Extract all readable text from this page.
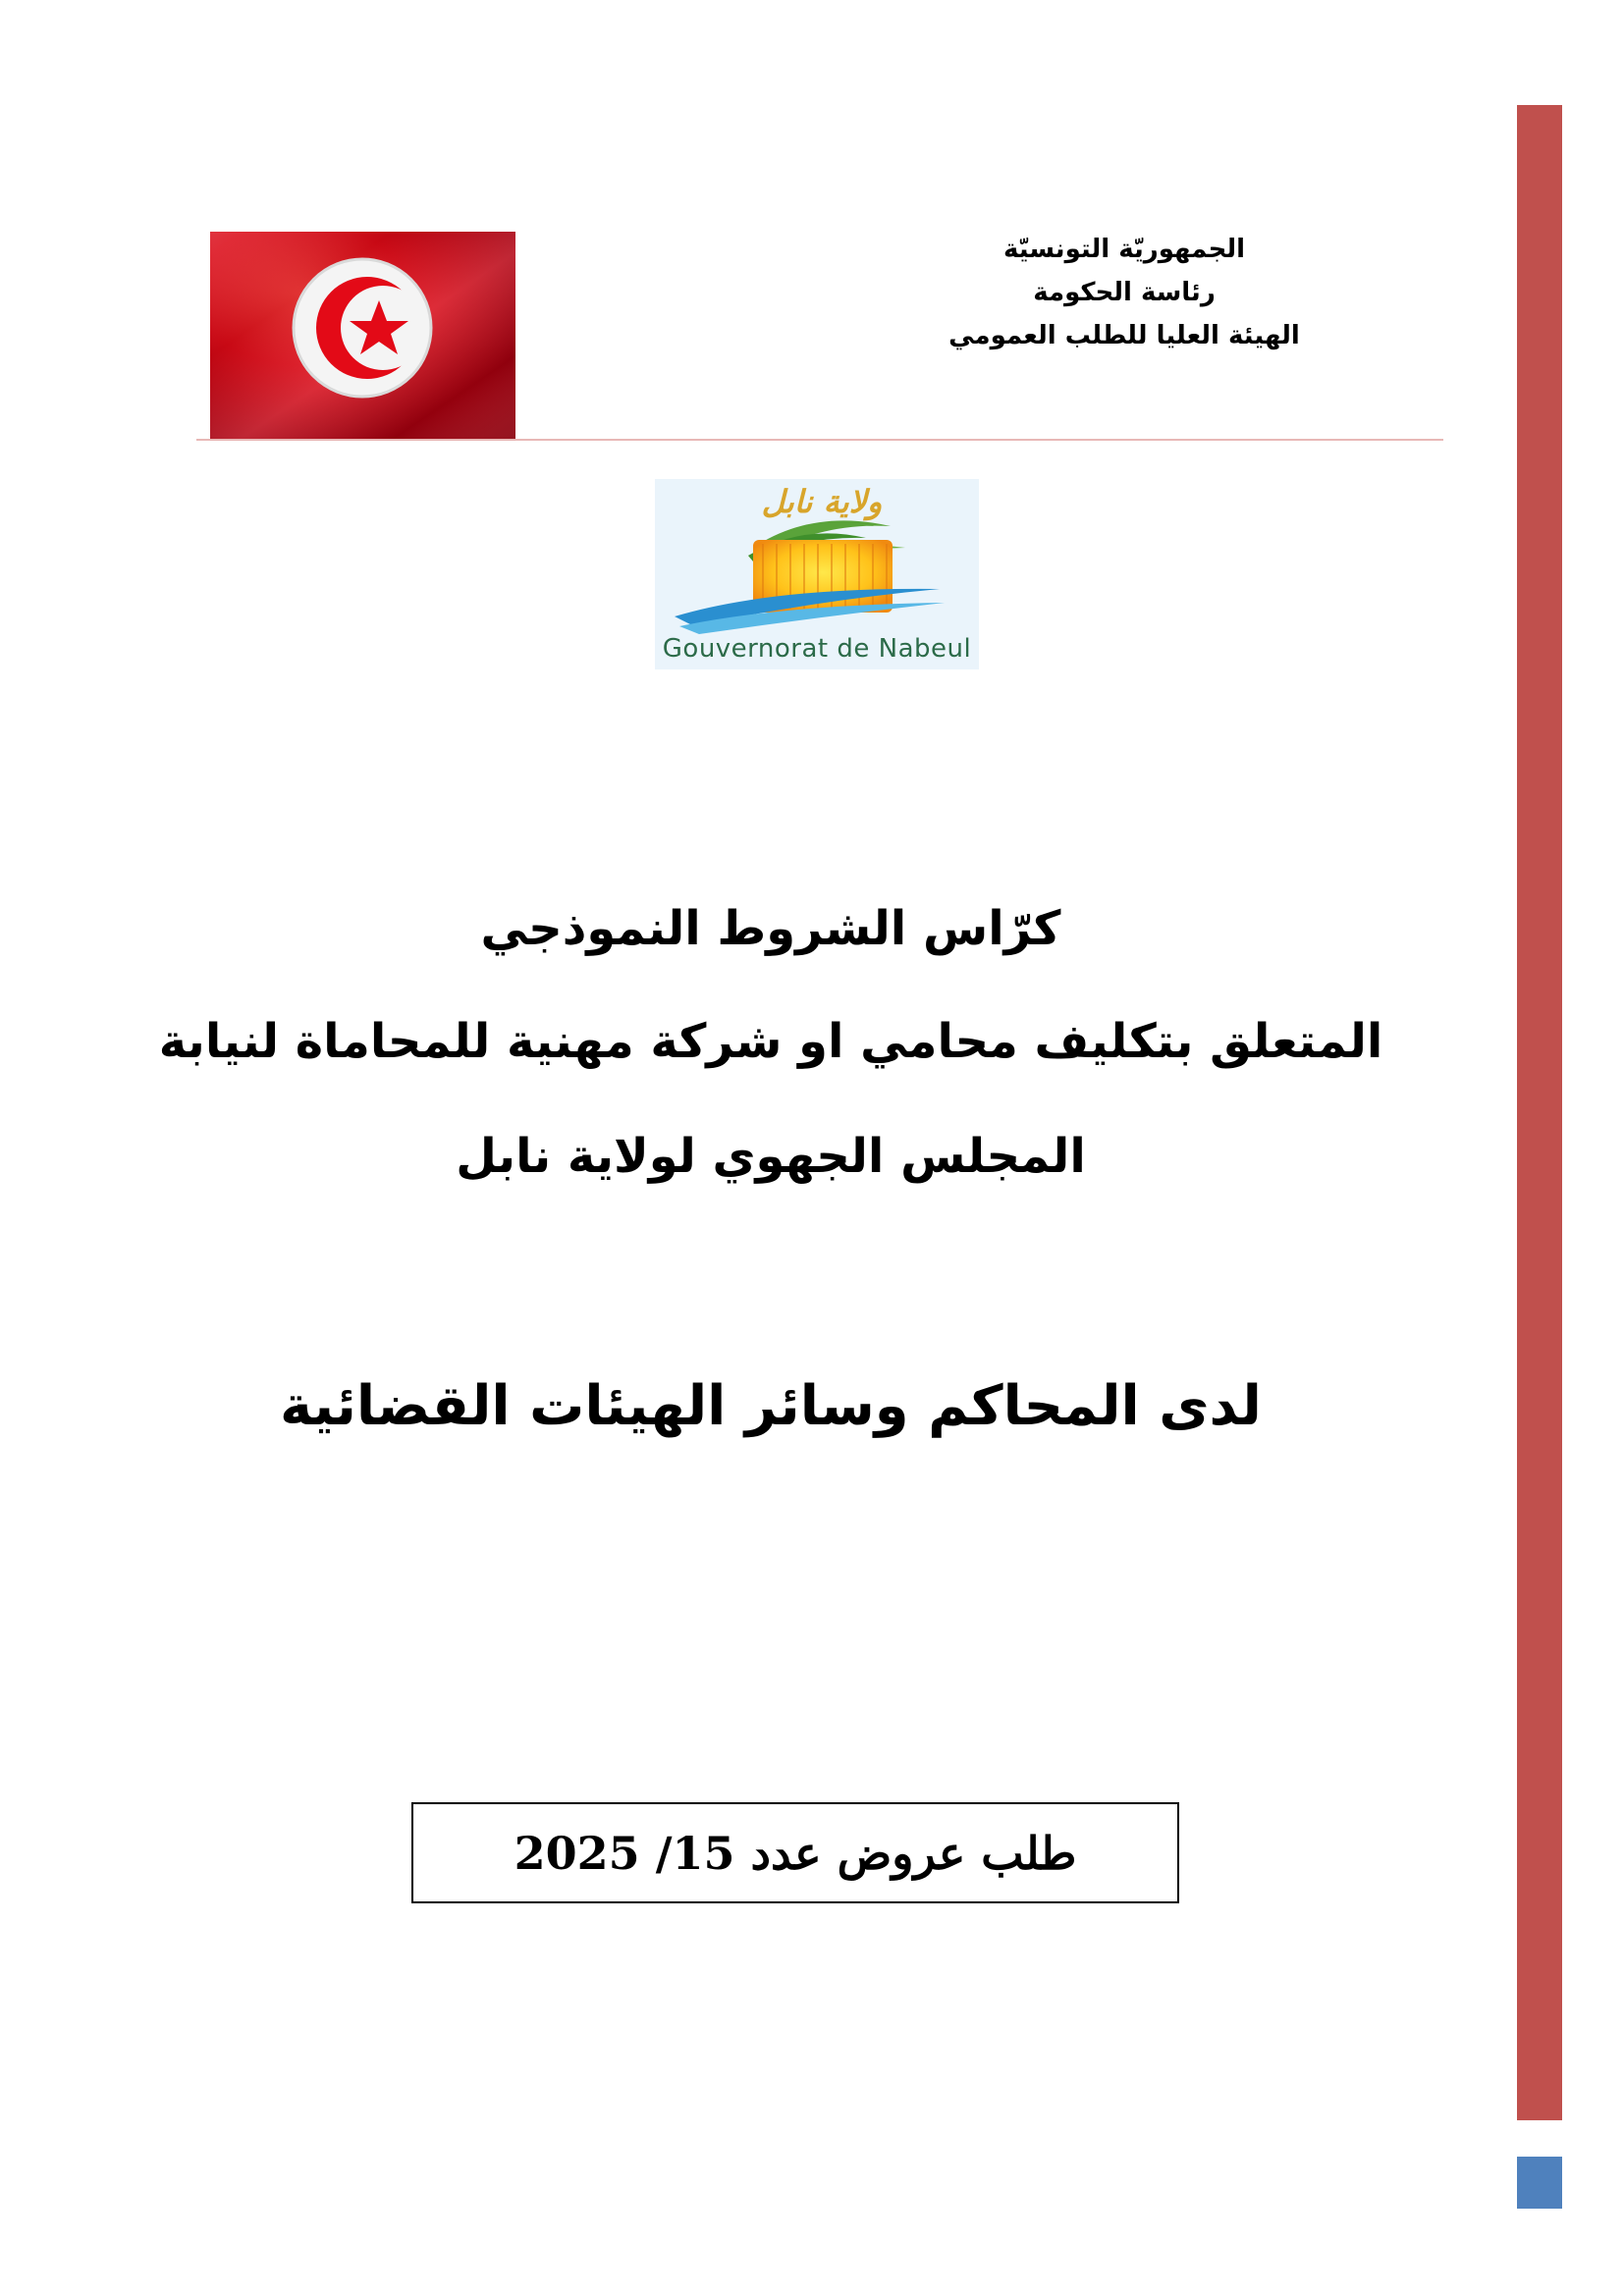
الجمهوريّة التونسيّة
رئاسة الحكومة
الهيئة العليا للطلب العمومي
ولاية نابل
Gouvernorat de Nabeul
كرّاس الشروط النموذجي
المتعلق بتكليف محامي او شركة مهنية للمحاماة لنيابة
المجلس الجهوي لولاية نابل
لدى المحاكم وسائر الهيئات القضائية
طلب عروض عدد 15/ 2025
